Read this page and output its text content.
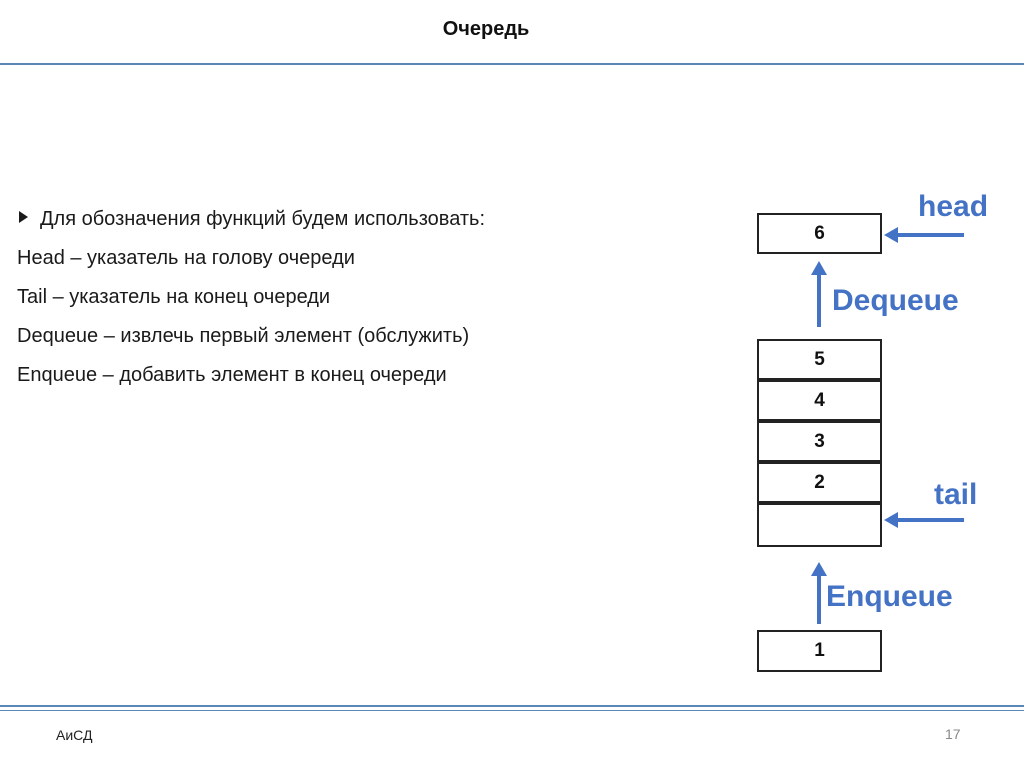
Очередь
Для обозначения функций будем использовать:
Head – указатель на голову очереди
Tail – указатель на конец очереди
Dequeue – извлечь первый элемент (обслужить)
Enqueue – добавить элемент в конец очереди
6
5
4
3
2
1
head
Dequeue
tail
Enqueue
АиСД	17
